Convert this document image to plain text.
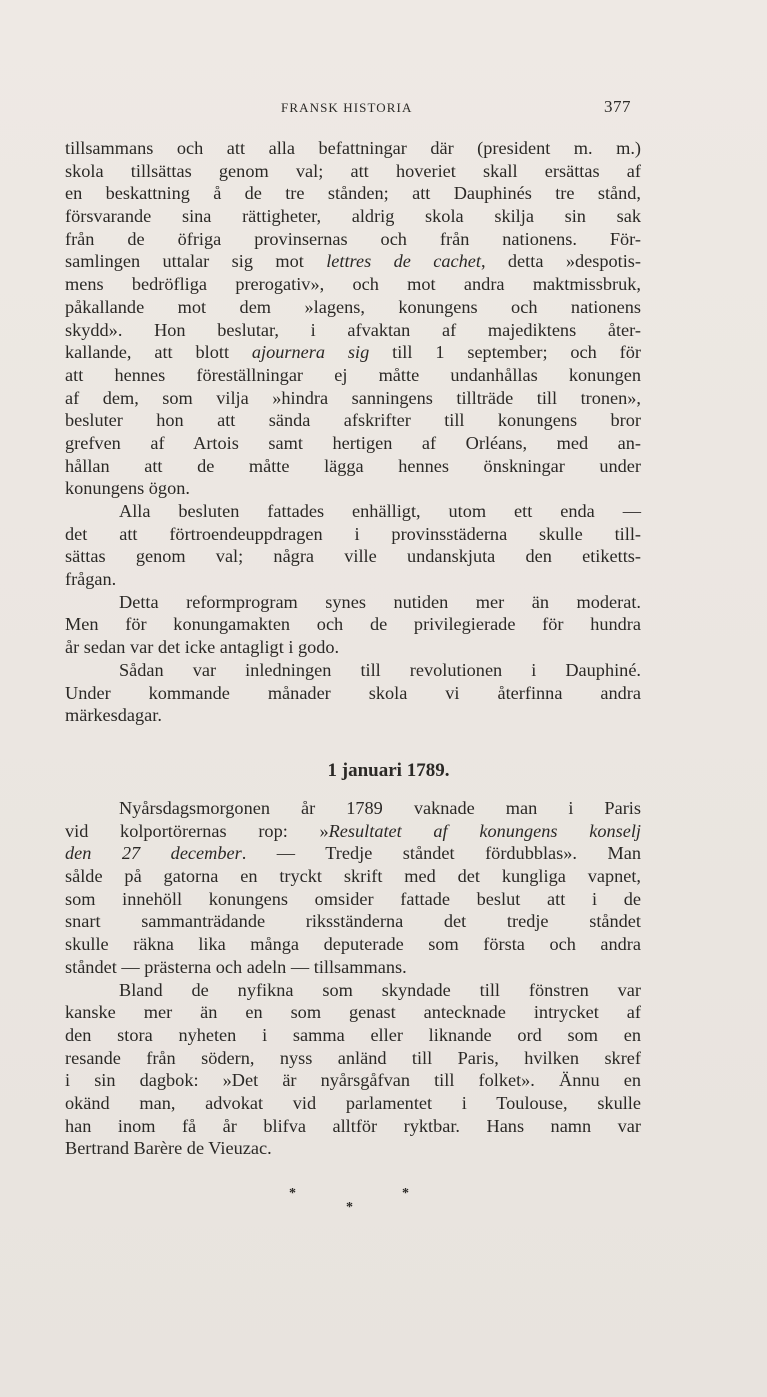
FRANSK HISTORIA	377
tillsammans och att alla befattningar där (president m. m.)
skola tillsättas genom val; att hoveriet skall ersättas af
en beskattning å de tre stånden; att Dauphinés tre stånd,
försvarande sina rättigheter, aldrig skola skilja sin sak
från de öfriga provinsernas och från nationens. För-
samlingen uttalar sig mot lettres de cachet, detta »despotis-
mens bedröfliga prerogativ», och mot andra maktmissbruk,
påkallande mot dem »lagens, konungens och nationens
skydd». Hon beslutar, i afvaktan af majediktens åter-
kallande, att blott ajournera sig till 1 september; och för
att hennes föreställningar ej måtte undanhållas konungen
af dem, som vilja »hindra sanningens tillträde till tronen»,
besluter hon att sända afskrifter till konungens bror
grefven af Artois samt hertigen af Orléans, med an-
hållan att de måtte lägga hennes önskningar under
konungens ögon.
Alla besluten fattades enhälligt, utom ett enda —
det att förtroendeuppdragen i provinsstäderna skulle till-
sättas genom val; några ville undanskjuta den etiketts-
frågan.
Detta reformprogram synes nutiden mer än moderat.
Men för konungamakten och de privilegierade för hundra
år sedan var det icke antagligt i godo.
Sådan var inledningen till revolutionen i Dauphiné.
Under kommande månader skola vi återfinna andra
märkesdagar.
1 januari 1789.
Nyårsdagsmorgonen år 1789 vaknade man i Paris
vid kolportörernas rop: »Resultatet af konungens konselj
den 27 december. — Tredje ståndet fördubblas». Man
sålde på gatorna en tryckt skrift med det kungliga vapnet,
som innehöll konungens omsider fattade beslut att i de
snart sammanträdande riksständerna det tredje ståndet
skulle räkna lika många deputerade som första och andra
ståndet — prästerna och adeln — tillsammans.
Bland de nyfikna som skyndade till fönstren var
kanske mer än en som genast antecknade intrycket af
den stora nyheten i samma eller liknande ord som en
resande från södern, nyss anländ till Paris, hvilken skref
i sin dagbok: »Det är nyårsgåfvan till folket». Ännu en
okänd man, advokat vid parlamentet i Toulouse, skulle
han inom få år blifva alltför ryktbar. Hans namn var
Bertrand Barère de Vieuzac.
*
*
*
